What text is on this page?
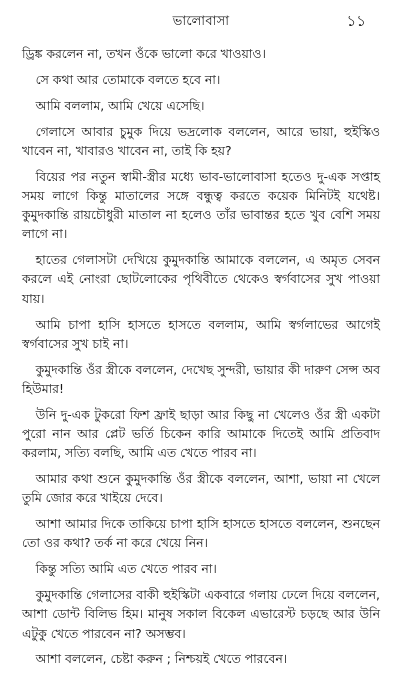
ভালোবাসা	১১

ড্রিঙ্ক করলেন না, তখন ওঁকে ভালো করে খাওয়াও।

সে কথা আর তোমাকে বলতে হবে না।

আমি বললাম, আমি খেয়ে এসেছি।

গেলাসে আবার চুমুক দিয়ে ভদ্রলোক বললেন, আরে ভায়া, হুইস্কিও খাবেন না, খাবারও খাবেন না, তাই কি হয়?

বিয়ের পর নতুন স্বামী-স্ত্রীর মধ্যে ভাব-ভালোবাসা হতেও দু-এক সপ্তাহ সময় লাগে কিন্তু মাতালের সঙ্গে বন্ধুত্ব করতে কয়েক মিনিটই যথেষ্ট। কুমুদকান্তি রায়চৌধুরী মাতাল না হলেও তাঁর ভাবান্তর হতে খুব বেশি সময় লাগে না।

হাতের গেলাসটা দেখিয়ে কুমুদকান্তি আমাকে বললেন, এ অমৃত সেবন করলে এই নোংরা ছোটলোকের পৃথিবীতে থেকেও স্বর্গবাসের সুখ পাওয়া যায়।

আমি চাপা হাসি হাসতে হাসতে বললাম, আমি স্বর্গলাভের আগেই স্বর্গবাসের সুখ চাই না।

কুমুদকান্তি ওঁর স্ত্রীকে বললেন, দেখেছ সুন্দরী, ভায়ার কী দারুণ সেন্স অব হিউমার!

উনি দু-এক টুকরো ফিশ ফ্রাই ছাড়া আর কিছু না খেলেও ওঁর স্ত্রী একটা পুরো নান আর প্লেট ভর্তি চিকেন কারি আমাকে দিতেই আমি প্রতিবাদ করলাম, সত্যি বলছি, আমি এত খেতে পারব না।

আমার কথা শুনে কুমুদকান্তি ওঁর স্ত্রীকে বললেন, আশা, ভায়া না খেলে তুমি জোর করে খাইয়ে দেবে।

আশা আমার দিকে তাকিয়ে চাপা হাসি হাসতে হাসতে বললেন, শুনছেন তো ওর কথা? তর্ক না করে খেয়ে নিন।

কিন্তু সত্যি আমি এত খেতে পারব না।

কুমুদকান্তি গেলাসের বাকী হুইস্কিটা একবারে গলায় ঢেলে দিয়ে বললেন, আশা ডোন্ট বিলিভ হিম। মানুষ সকাল বিকেল এভারেস্ট চড়ছে আর উনি এটুকু খেতে পারবেন না? অসম্ভব।

আশা বললেন, চেষ্টা করুন ; নিশ্চয়ই খেতে পারবেন।
